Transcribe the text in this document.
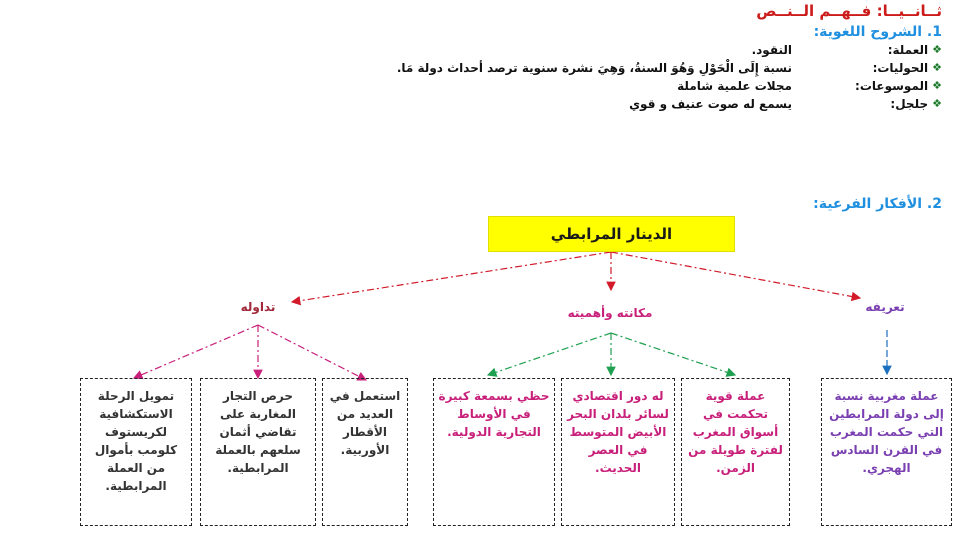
ثــانــيــا: فــهــم الــنــص
1. الشروح اللغوية:
❖
العملة:
النقود.
❖
الحوليات:
نسبة إِلَى الْحَوْلِ وَهُوَ السنةُ، وَهِيَ نشرة سنوية ترصد أحداث دولة مَا.
❖
الموسوعات:
مجلات علمية شاملة
❖
جلجل:
يسمع له صوت عنيف و قوي
2. الأفكار الفرعية:
الدينار المرابطي
تعريفه
مكانته وأهميته
تداوله
عملة مغربية نسبة إلى دولة المرابطين التي حكمت المغرب في القرن السادس الهجري.
عملة قوية تحكمت في أسواق المغرب لفترة طويلة من الزمن.
له دور اقتصادي لسائر بلدان البحر الأبيض المتوسط في العصر الحديث.
حظي بسمعة كبيرة في الأوساط التجارية الدولية.
استعمل في العديد من الأقطار الأوربية.
حرص التجار المغاربة على تقاضي أثمان سلعهم بالعملة المرابطية.
تمويل الرحلة الاستكشافية لكريستوف كلومب بأموال من العملة المرابطية.
